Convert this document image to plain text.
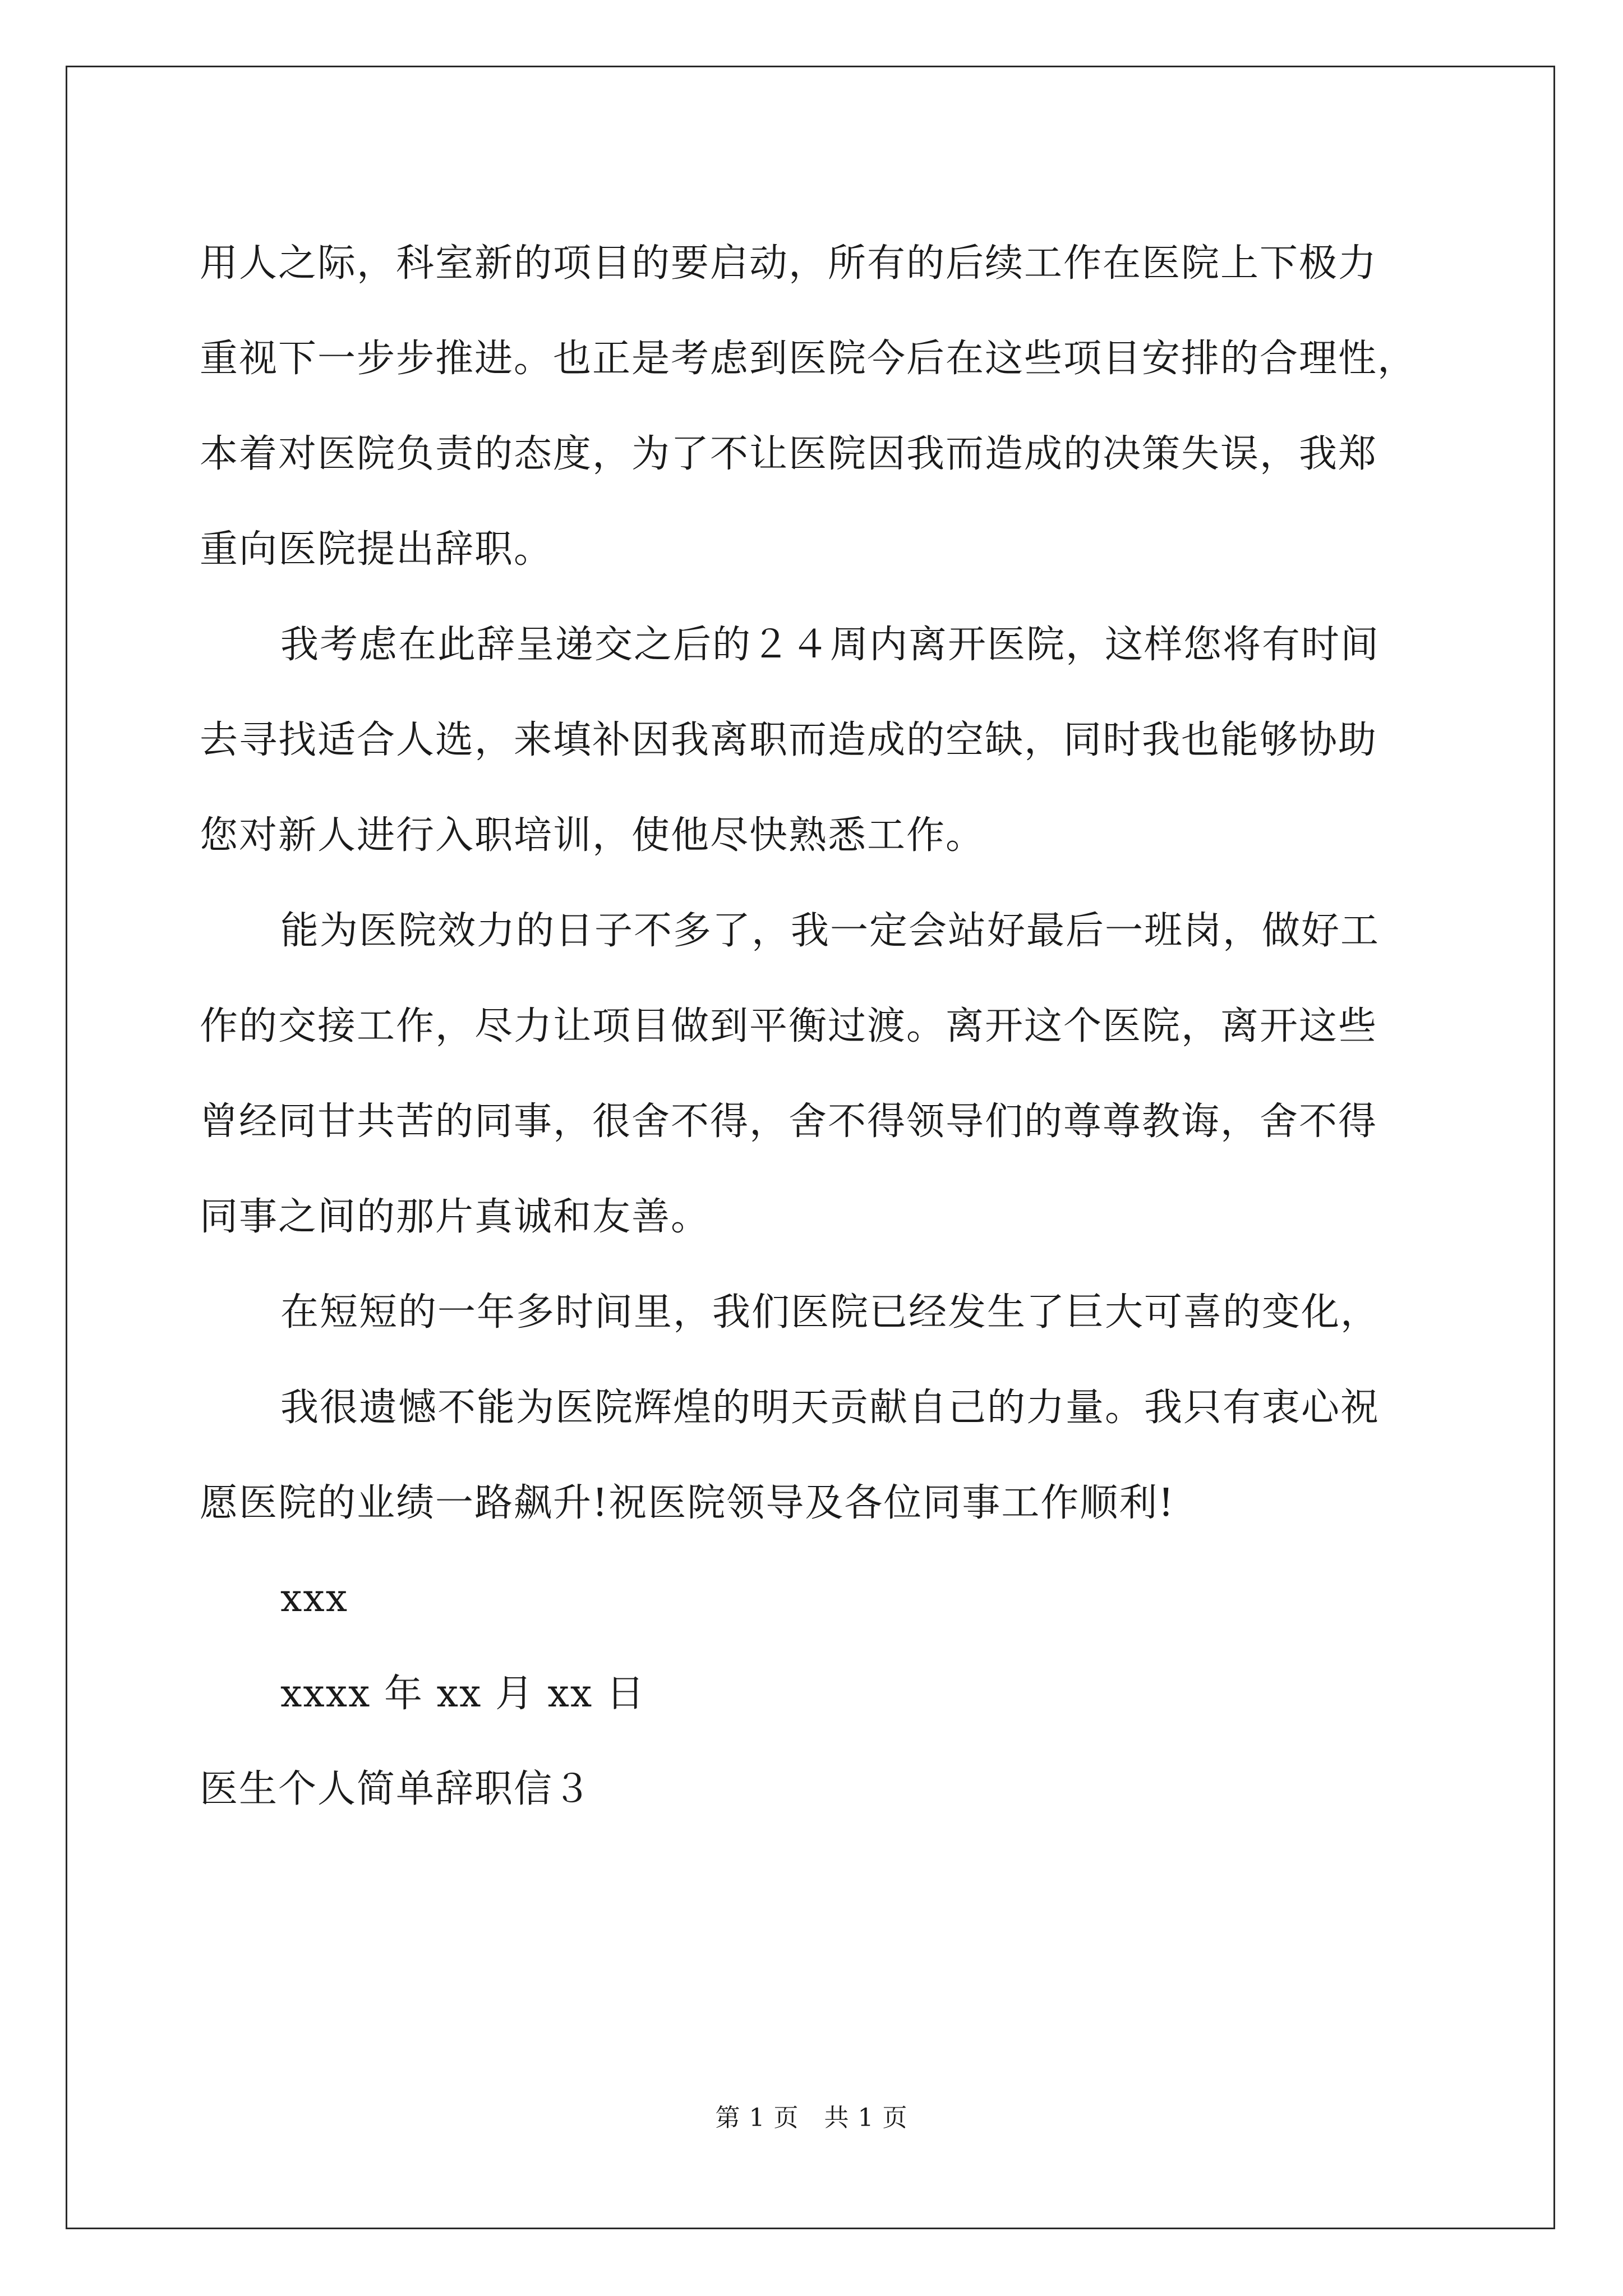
用人之际，科室新的项目的要启动，所有的后续工作在医院上下极力
重视下一步步推进。也正是考虑到医院今后在这些项目安排的合理性，
本着对医院负责的态度，为了不让医院因我而造成的决策失误，我郑
重向医院提出辞职。
我考虑在此辞呈递交之后的２４周内离开医院，这样您将有时间
去寻找适合人选，来填补因我离职而造成的空缺，同时我也能够协助
您对新人进行入职培训，使他尽快熟悉工作。
能为医院效力的日子不多了，我一定会站好最后一班岗，做好工
作的交接工作，尽力让项目做到平衡过渡。离开这个医院，离开这些
曾经同甘共苦的同事，很舍不得，舍不得领导们的尊尊教诲，舍不得
同事之间的那片真诚和友善。
在短短的一年多时间里，我们医院已经发生了巨大可喜的变化，
我很遗憾不能为医院辉煌的明天贡献自己的力量。我只有衷心祝
愿医院的业绩一路飙升!祝医院领导及各位同事工作顺利!
xxx
xxxx 年 xx 月 xx 日
医生个人简单辞职信３
第 1 页　共 1 页
